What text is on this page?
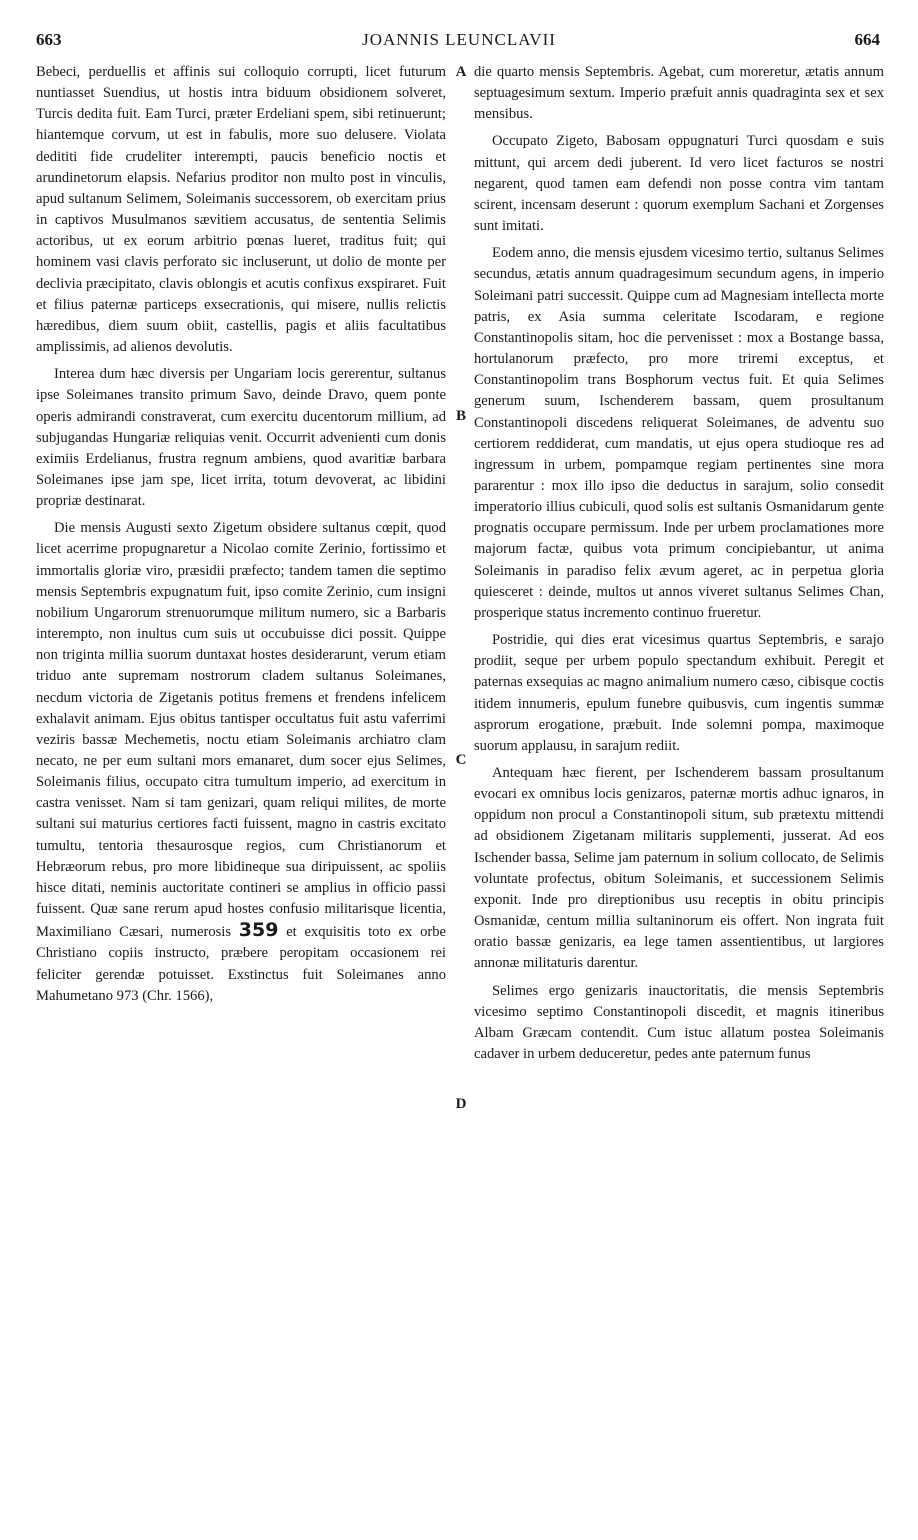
663	JOANNIS LEUNCLAVII	664
A
B
C
D

Bebeci, perduellis et affinis sui colloquio corrupti, licet futurum nuntiasset Suendius, ut hostis intra biduum obsidionem solveret, Turcis dedita fuit. Eam Turci, præter Erdeliani spem, sibi retinuerunt; hiantemque corvum, ut est in fabulis, more suo delusere. Violata dedititi fide crudeliter interempti, paucis beneficio noctis et arundinetorum elapsis. Nefarius proditor non multo post in vinculis, apud sultanum Selimem, Soleimanis successorem, ob exercitam prius in captivos Musulmanos sævitiem accusatus, de sententia Selimis actoribus, ut ex eorum arbitrio pœnas lueret, traditus fuit; qui hominem vasi clavis perforato sic incluserunt, ut dolio de monte per declivia præcipitato, clavis oblongis et acutis confixus exspiraret. Fuit et filius paternæ particeps exsecrationis, qui misere, nullis relictis hæredibus, diem suum obiit, castellis, pagis et aliis facultatibus amplissimis, ad alienos devolutis.

Interea dum hæc diversis per Ungariam locis gererentur, sultanus ipse Soleimanes transito primum Savo, deinde Dravo, quem ponte operis admirandi constraverat, cum exercitu ducentorum millium, ad subjugandas Hungariæ reliquias venit. Occurrit advenienti cum donis eximiis Erdelianus, frustra regnum ambiens, quod avaritiæ barbara Soleimanes ipse jam spe, licet irrita, totum devoverat, ac libidini propriæ destinarat.

Die mensis Augusti sexto Zigetum obsidere sultanus cœpit, quod licet acerrime propugnaretur a Nicolao comite Zerinio, fortissimo et immortalis gloriæ viro, præsidii præfecto; tandem tamen die septimo mensis Septembris expugnatum fuit, ipso comite Zerinio, cum insigni nobilium Ungarorum strenuorumque militum numero, sic a Barbaris interempto, non inultus cum suis ut occubuisse dici possit. Quippe non triginta millia suorum duntaxat hostes desiderarunt, verum etiam triduo ante supremam nostrorum cladem sultanus Soleimanes, necdum victoria de Zigetanis potitus fremens et frendens infelicem exhalavit animam. Ejus obitus tantisper occultatus fuit astu vaferrimi veziris bassæ Mechemetis, noctu etiam Soleimanis archiatro clam necato, ne per eum sultani mors emanaret, dum socer ejus Selimes, Soleimanis filius, occupato citra tumultum imperio, ad exercitum in castra venisset. Nam si tam genizari, quam reliqui milites, de morte sultani sui maturius certiores facti fuissent, magno in castris excitato tumultu, tentoria thesaurosque regios, cum Christianorum et Hebræorum rebus, pro more libidineque sua diripuissent, ac spoliis hisce ditati, neminis auctoritate contineri se amplius in officio passi fuissent. Quæ sane rerum apud hostes confusio militarisque licentia, Maximiliano Cæsari, numerosis 359 et exquisitis toto ex orbe Christiano copiis instructo, præbere peropitam occasionem rei feliciter gerendæ potuisset. Exstinctus fuit Soleimanes anno Mahumetano 973 (Chr. 1566),

die quarto mensis Septembris. Agebat, cum moreretur, ætatis annum septuagesimum sextum. Imperio præfuit annis quadraginta sex et sex mensibus.

Occupato Zigeto, Babosam oppugnaturi Turci quosdam e suis mittunt, qui arcem dedi juberent. Id vero licet facturos se nostri negarent, quod tamen eam defendi non posse contra vim tantam scirent, incensam deserunt : quorum exemplum Sachani et Zorgenses sunt imitati.

Eodem anno, die mensis ejusdem vicesimo tertio, sultanus Selimes secundus, ætatis annum quadragesimum secundum agens, in imperio Soleimani patri successit. Quippe cum ad Magnesiam intellecta morte patris, ex Asia summa celeritate Iscodaram, e regione Constantinopolis sitam, hoc die pervenisset : mox a Bostange bassa, hortulanorum præfecto, pro more triremi exceptus, et Constantinopolim trans Bosphorum vectus fuit. Et quia Selimes generum suum, Ischenderem bassam, quem prosultanum Constantinopoli discedens reliquerat Soleimanes, de adventu suo certiorem reddiderat, cum mandatis, ut ejus opera studioque res ad ingressum in urbem, pompamque regiam pertinentes sine mora pararentur : mox illo ipso die deductus in sarajum, solio consedit imperatorio illius cubiculi, quod solis est sultanis Osmanidarum gente prognatis occupare permissum. Inde per urbem proclamationes more majorum factæ, quibus vota primum concipiebantur, ut anima Soleimanis in paradiso felix ævum ageret, ac in perpetua gloria quiesceret : deinde, multos ut annos viveret sultanus Selimes Chan, prosperique status incremento continuo frueretur.

Postridie, qui dies erat vicesimus quartus Septembris, e sarajo prodiit, seque per urbem populo spectandum exhibuit. Peregit et paternas exsequias ac magno animalium numero cæso, cibisque coctis itidem innumeris, epulum funebre quibusvis, cum ingentis summæ asprorum erogatione, præbuit. Inde solemni pompa, maximoque suorum applausu, in sarajum rediit.

Antequam hæc fierent, per Ischenderem bassam prosultanum evocari ex omnibus locis genizaros, paternæ mortis adhuc ignaros, in oppidum non procul a Constantinopoli situm, sub prætextu mittendi ad obsidionem Zigetanam militaris supplementi, jusserat. Ad eos Ischender bassa, Selime jam paternum in solium collocato, de Selimis voluntate profectus, obitum Soleimanis, et successionem Selimis exponit. Inde pro direptionibus usu receptis in obitu principis Osmanidæ, centum millia sultaninorum eis offert. Non ingrata fuit oratio bassæ genizaris, ea lege tamen assentientibus, ut largiores annonæ militaturis darentur.

Selimes ergo genizaris inauctoritatis, die mensis Septembris vicesimo septimo Constantinopoli discedit, et magnis itineribus Albam Græcam contendit. Cum istuc allatum postea Soleimanis cadaver in urbem deduceretur, pedes ante paternum funus
